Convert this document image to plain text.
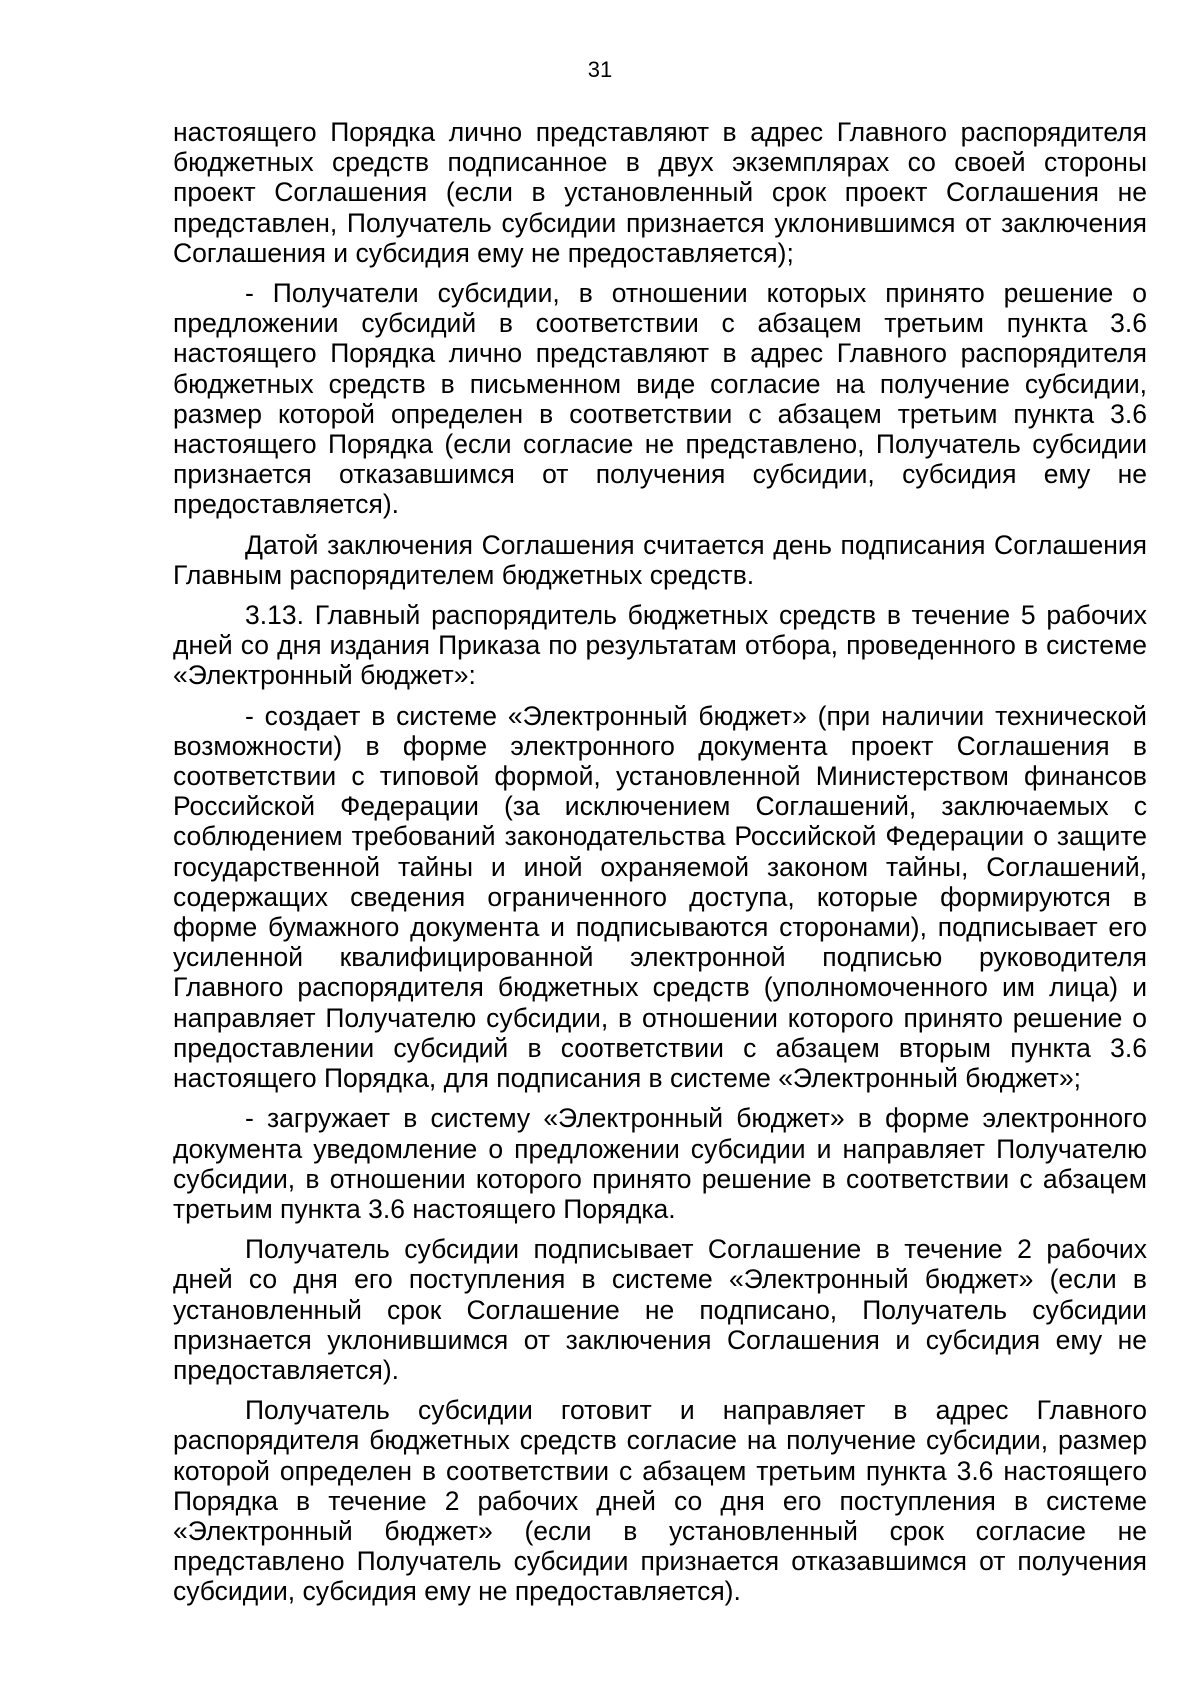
31

настоящего Порядка лично представляют в адрес Главного распорядителя бюджетных средств подписанное в двух экземплярах со своей стороны проект Соглашения (если в установленный срок проект Соглашения не представлен, Получатель субсидии признается уклонившимся от заключения Соглашения и субсидия ему не предоставляется);

- Получатели субсидии, в отношении которых принято решение о предложении субсидий в соответствии с абзацем третьим пункта 3.6 настоящего Порядка лично представляют в адрес Главного распорядителя бюджетных средств в письменном виде согласие на получение субсидии, размер которой определен в соответствии с абзацем третьим пункта 3.6 настоящего Порядка (если согласие не представлено, Получатель субсидии признается отказавшимся от получения субсидии, субсидия ему не предоставляется).

Датой заключения Соглашения считается день подписания Соглашения Главным распорядителем бюджетных средств.

3.13. Главный распорядитель бюджетных средств в течение 5 рабочих дней со дня издания Приказа по результатам отбора, проведенного в системе «Электронный бюджет»:

- создает в системе «Электронный бюджет» (при наличии технической возможности) в форме электронного документа проект Соглашения в соответствии с типовой формой, установленной Министерством финансов Российской Федерации (за исключением Соглашений, заключаемых с соблюдением требований законодательства Российской Федерации о защите государственной тайны и иной охраняемой законом тайны, Соглашений, содержащих сведения ограниченного доступа, которые формируются в форме бумажного документа и подписываются сторонами), подписывает его усиленной квалифицированной электронной подписью руководителя Главного распорядителя бюджетных средств (уполномоченного им лица) и направляет Получателю субсидии, в отношении которого принято решение о предоставлении субсидий в соответствии с абзацем вторым пункта 3.6 настоящего Порядка, для подписания в системе «Электронный бюджет»;

- загружает в систему «Электронный бюджет» в форме электронного документа уведомление о предложении субсидии и направляет Получателю субсидии, в отношении которого принято решение в соответствии с абзацем третьим пункта 3.6 настоящего Порядка.

Получатель субсидии подписывает Соглашение в течение 2 рабочих дней со дня его поступления в системе «Электронный бюджет» (если в установленный срок Соглашение не подписано, Получатель субсидии признается уклонившимся от заключения Соглашения и субсидия ему не предоставляется).

Получатель субсидии готовит и направляет в адрес Главного распорядителя бюджетных средств согласие на получение субсидии, размер которой определен в соответствии с абзацем третьим пункта 3.6 настоящего Порядка в течение 2 рабочих дней со дня его поступления в системе «Электронный бюджет» (если в установленный срок согласие не представлено Получатель субсидии признается отказавшимся от получения субсидии, субсидия ему не предоставляется).
